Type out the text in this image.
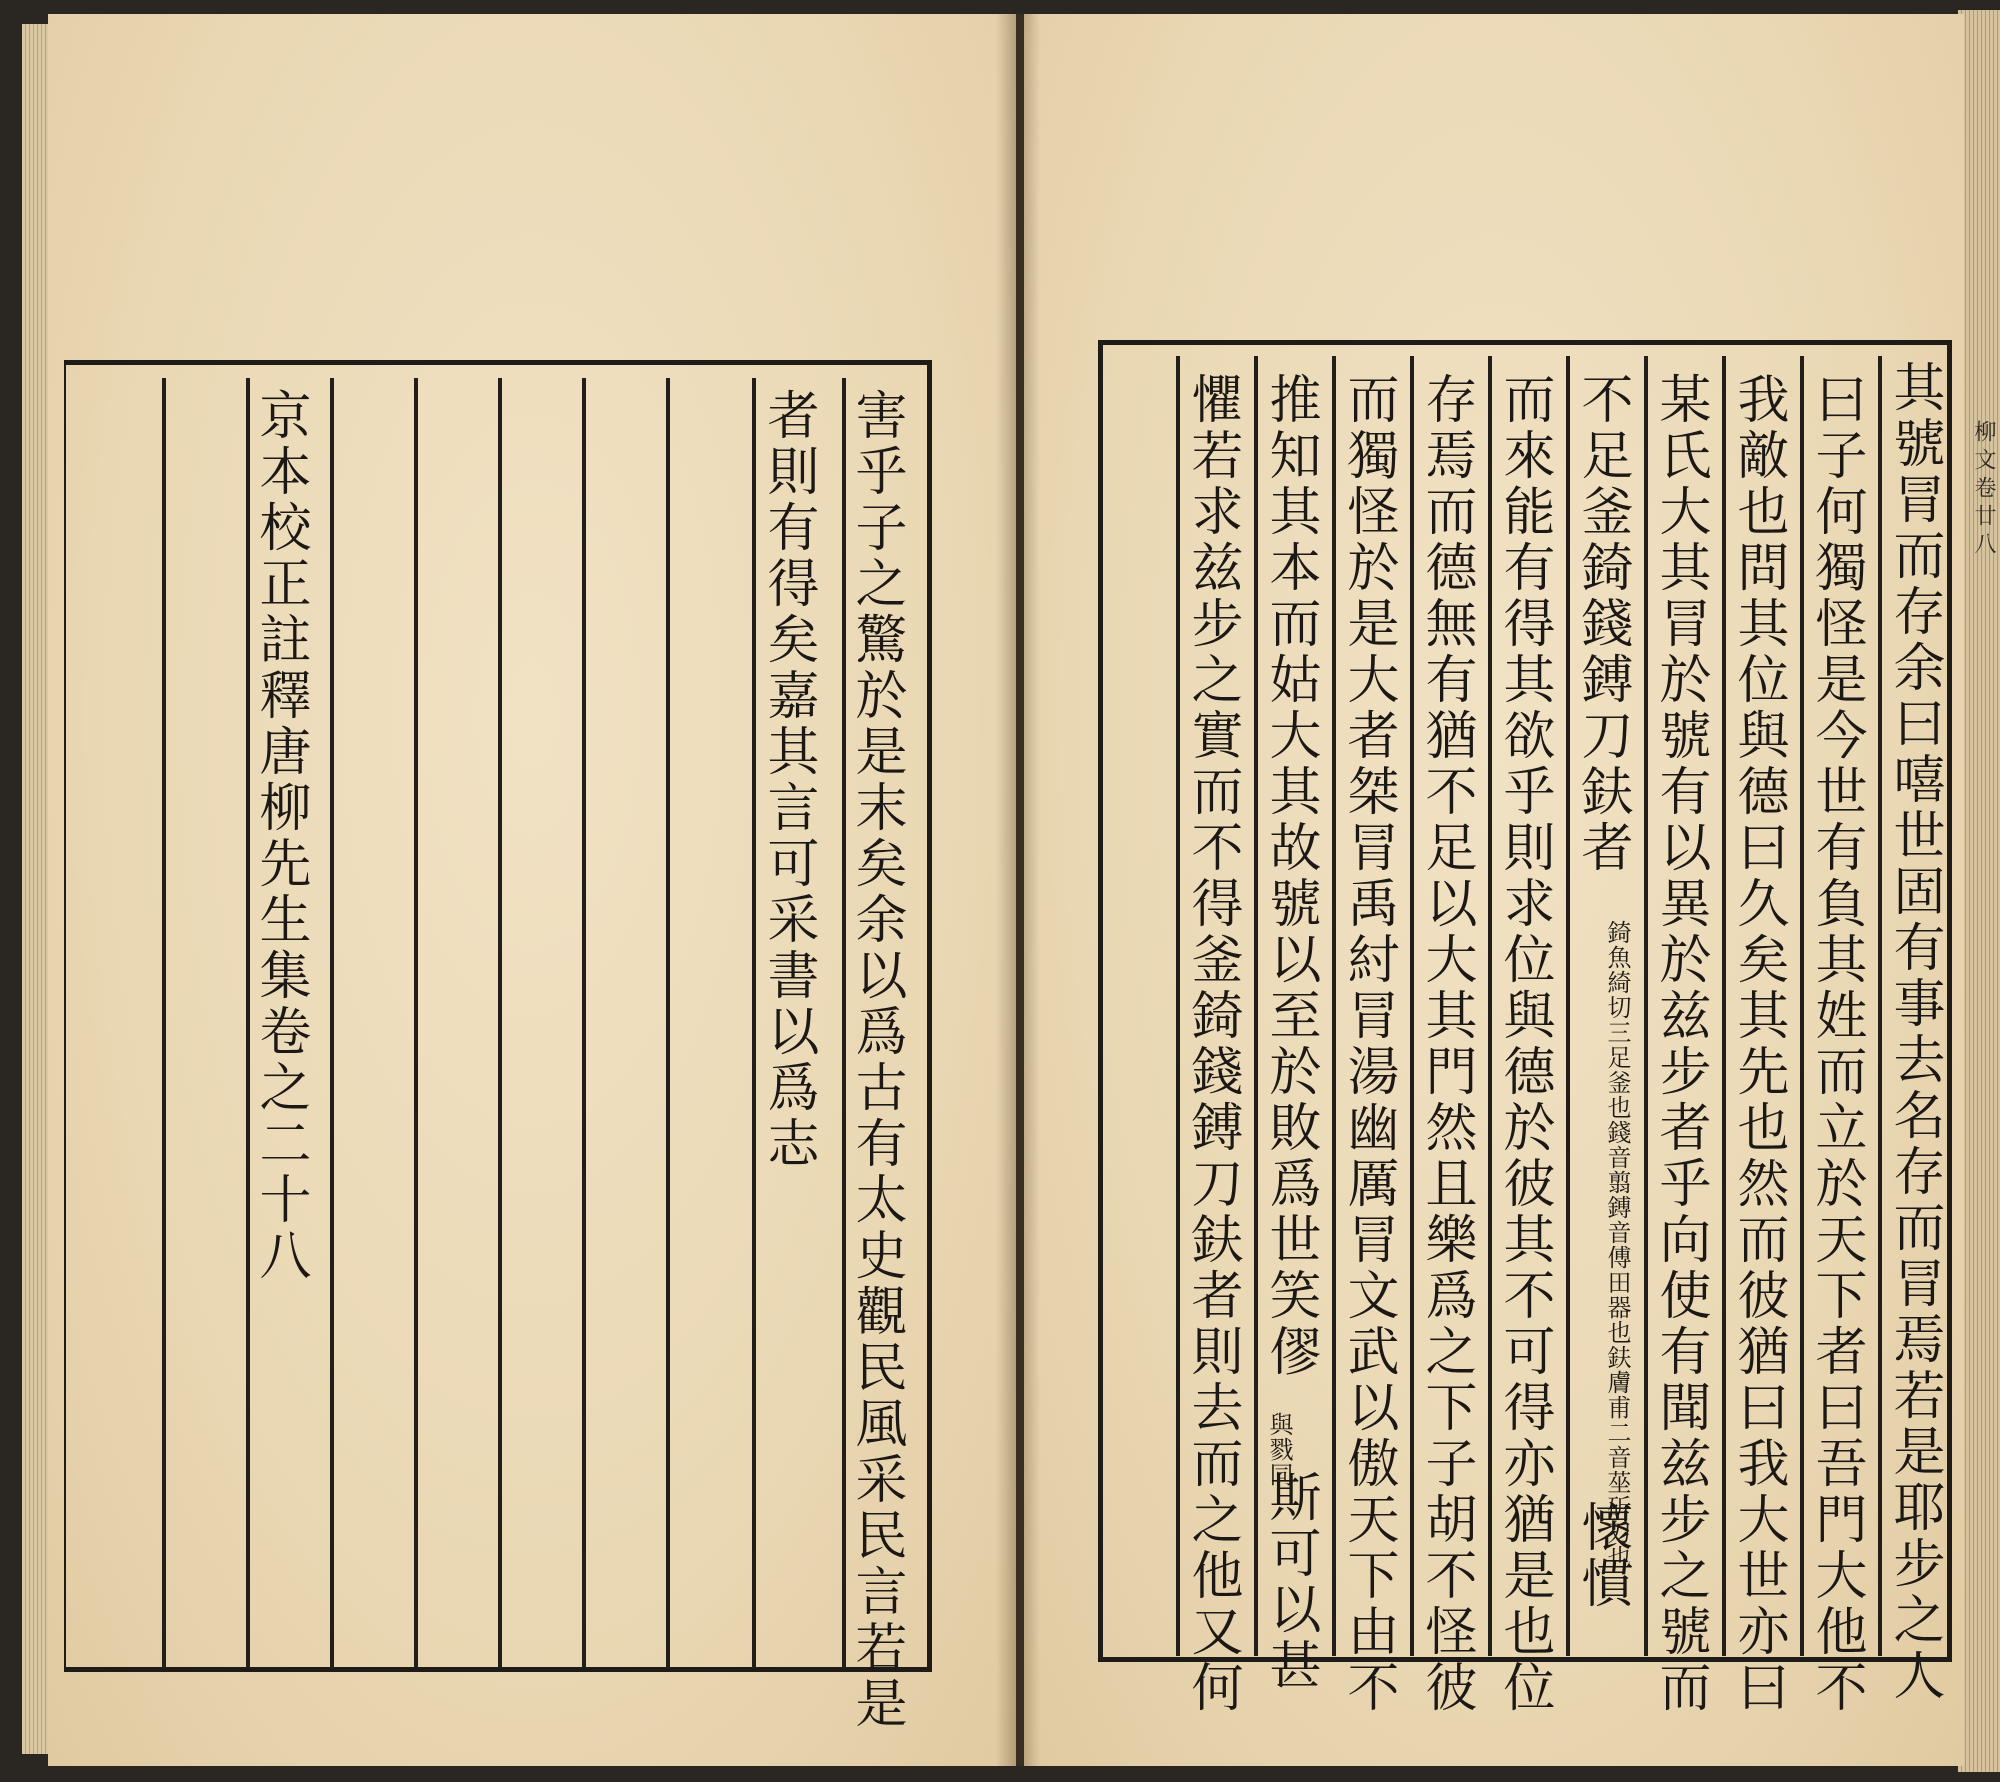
害乎子之驚於是末矣余以爲古有太史觀民風采民言若是
者則有得矣嘉其言可采書以爲志
京本校正註釋唐柳先生集卷之二十八	其號冐而存余曰嘻世固有事去名存而冐焉若是耶步之人
曰子何獨怪是今世有負其姓而立於天下者曰吾門大他不
我敵也問其位與德曰久矣其先也然而彼猶曰我大世亦曰
某氏大其冐於號有以異於兹步者乎向使有聞兹步之號而
不足釜錡錢鎛刀鈇者
錡魚綺切三足釜也錢音翦鎛音傅田器也鈇膚甫二音莝斫刀也
懷慣
而來能有得其欲乎則求位與德於彼其不可得亦猶是也位
存焉而德無有猶不足以大其門然且樂爲之下子胡不怪彼
而獨怪於是大者桀冐禹紂冐湯幽厲冐文武以傲天下由不
推知其本而姑大其故號以至於敗爲世笑僇
與戮同
斯可以甚
懼若求兹步之實而不得釜錡錢鎛刀鈇者則去而之他又何	柳文卷廿八
